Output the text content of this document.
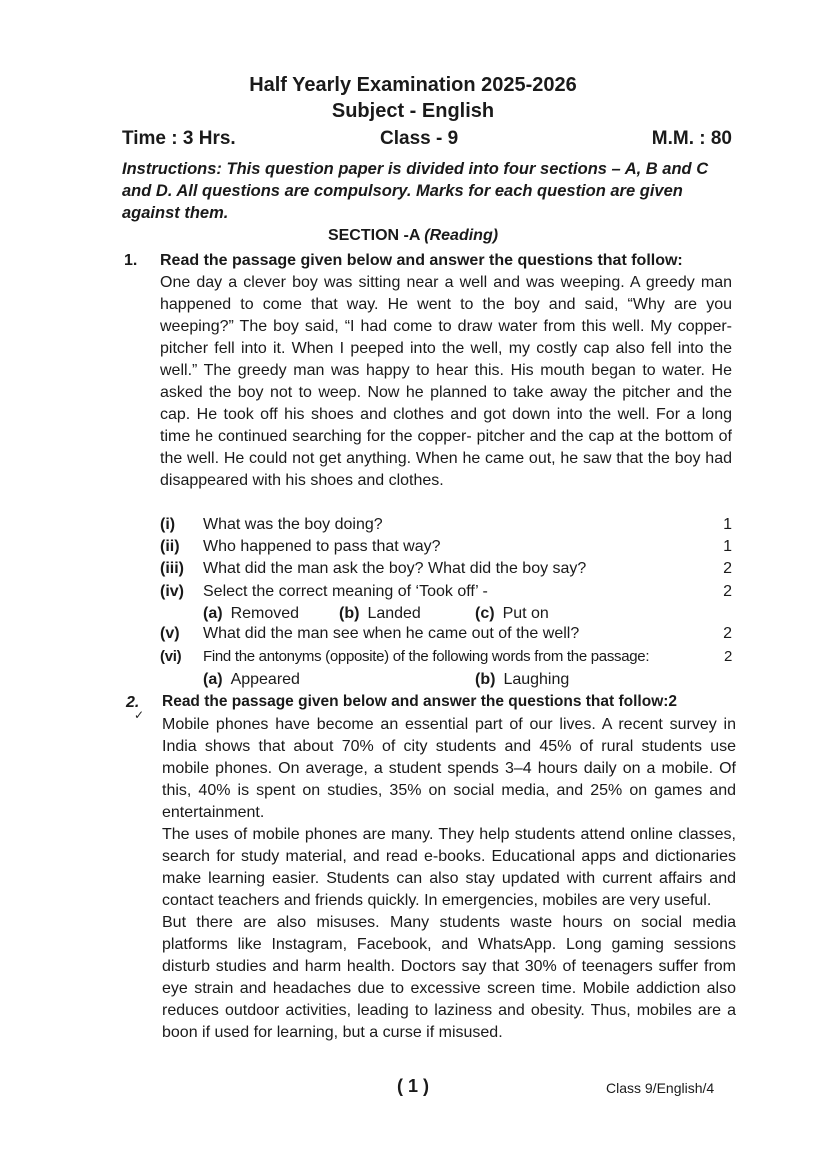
Half Yearly Examination 2025-2026
Subject - English
Time : 3 Hrs.	Class - 9	M.M. : 80
Instructions: This question paper is divided into four sections – A, B and C and D. All questions are compulsory. Marks for each question are given against them.
SECTION -A (Reading)
1. Read the passage given below and answer the questions that follow:
One day a clever boy was sitting near a well and was weeping. A greedy man happened to come that way. He went to the boy and said, “Why are you weeping?” The boy said, “I had come to draw water from this well. My copper-pitcher fell into it. When I peeped into the well, my costly cap also fell into the well.” The greedy man was happy to hear this. His mouth began to water. He asked the boy not to weep. Now he planned to take away the pitcher and the cap. He took off his shoes and clothes and got down into the well. For a long time he continued searching for the copper- pitcher and the cap at the bottom of the well. He could not get anything. When he came out, he saw that the boy had disappeared with his shoes and clothes.
(i) What was the boy doing?	1
(ii) Who happened to pass that way?	1
(iii) What did the man ask the boy? What did the boy say?	2
(iv) Select the correct meaning of ‘Took off’ -	2
(a) Removed (b) Landed	(c) Put on
(v) What did the man see when he came out of the well?	2
(vi) Find the antonyms (opposite) of the following words from the passage:	2
(a) Appeared	(b) Laughing
2.
✓
Read the passage given below and answer the questions that follow:2

Mobile phones have become an essential part of our lives. A recent survey in India shows that about 70% of city students and 45% of rural students use mobile phones. On average, a student spends 3–4 hours daily on a mobile. Of this, 40% is spent on studies, 35% on social media, and 25% on games and entertainment.

The uses of mobile phones are many. They help students attend online classes, search for study material, and read e-books. Educational apps and dictionaries make learning easier. Students can also stay updated with current affairs and contact teachers and friends quickly. In emergencies, mobiles are very useful.

But there are also misuses. Many students waste hours on social media platforms like Instagram, Facebook, and WhatsApp. Long gaming sessions disturb studies and harm health. Doctors say that 30% of teenagers suffer from eye strain and headaches due to excessive screen time. Mobile addiction also reduces outdoor activities, leading to laziness and obesity. Thus, mobiles are a boon if used for learning, but a curse if misused.

( 1 )	Class 9/English/4
